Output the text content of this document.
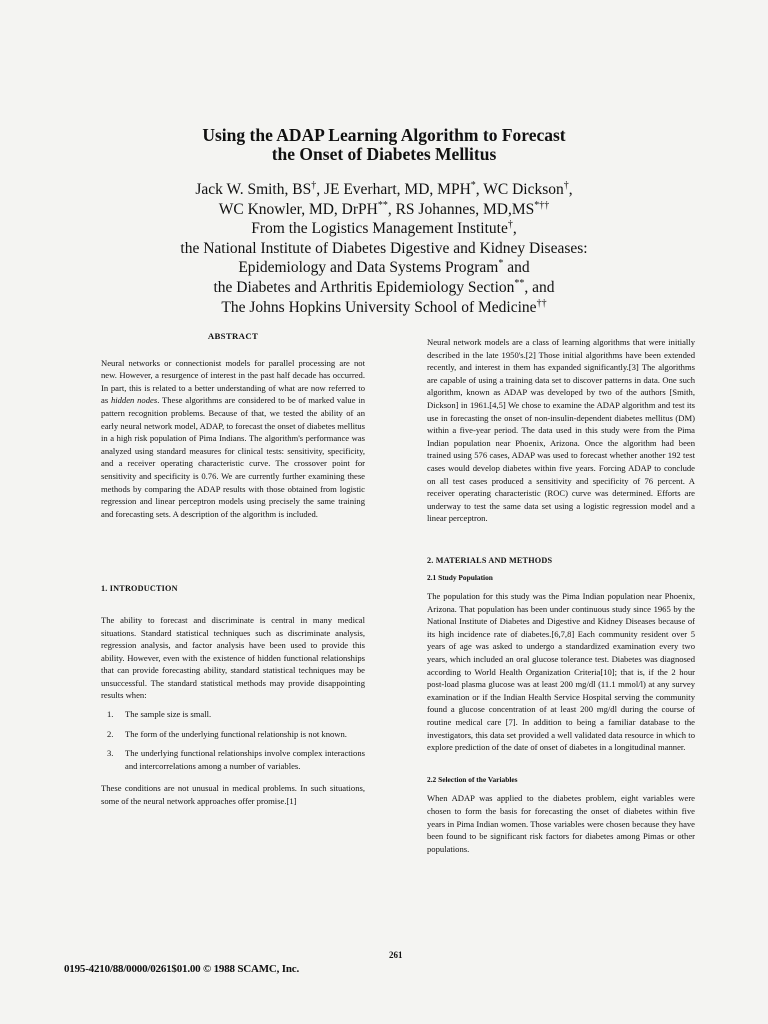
Using the ADAP Learning Algorithm to Forecast
the Onset of Diabetes Mellitus
Jack W. Smith, BS†, JE Everhart, MD, MPH*, WC Dickson†,
WC Knowler, MD, DrPH**, RS Johannes, MD,MS*††
From the Logistics Management Institute†,
the National Institute of Diabetes Digestive and Kidney Diseases:
Epidemiology and Data Systems Program* and
the Diabetes and Arthritis Epidemiology Section**, and
The Johns Hopkins University School of Medicine††
ABSTRACT

Neural networks or connectionist models for parallel processing are not new. However, a resurgence of interest in the past half decade has occurred. In part, this is related to a better understanding of what are now referred to as hidden nodes. These algorithms are considered to be of marked value in pattern recognition problems. Because of that, we tested the ability of an early neural network model, ADAP, to forecast the onset of diabetes mellitus in a high risk population of Pima Indians. The algorithm's performance was analyzed using standard measures for clinical tests: sensitivity, specificity, and a receiver operating characteristic curve. The crossover point for sensitivity and specificity is 0.76. We are currently further examining these methods by comparing the ADAP results with those obtained from logistic regression and linear perceptron models using precisely the same training and forecasting sets. A description of the algorithm is included.

1. INTRODUCTION

The ability to forecast and discriminate is central in many medical situations. Standard statistical techniques such as discriminate analysis, regression analysis, and factor analysis have been used to provide this ability. However, even with the existence of hidden functional relationships that can provide forecasting ability, standard statistical techniques may be unsuccessful. The standard statistical methods may provide disappointing results when:

1. The sample size is small.
2. The form of the underlying functional relationship is not known.
3. The underlying functional relationships involve complex interactions and intercorrelations among a number of variables.

These conditions are not unusual in medical problems. In such situations, some of the neural network approaches offer promise.[1]

Neural network models are a class of learning algorithms that were initially described in the late 1950's.[2] Those initial algorithms have been extended recently, and interest in them has expanded significantly.[3] The algorithms are capable of using a training data set to discover patterns in data. One such algorithm, known as ADAP was developed by two of the authors [Smith, Dickson] in 1961.[4,5] We chose to examine the ADAP algorithm and test its use in forecasting the onset of non-insulin-dependent diabetes mellitus (DM) within a five-year period. The data used in this study were from the Pima Indian population near Phoenix, Arizona. Once the algorithm had been trained using 576 cases, ADAP was used to forecast whether another 192 test cases would develop diabetes within five years. Forcing ADAP to conclude on all test cases produced a sensitivity and specificity of 76 percent. A receiver operating characteristic (ROC) curve was determined. Efforts are underway to test the same data set using a logistic regression model and a linear perceptron.

2. MATERIALS AND METHODS
2.1 Study Population

The population for this study was the Pima Indian population near Phoenix, Arizona. That population has been under continuous study since 1965 by the National Institute of Diabetes and Digestive and Kidney Diseases because of its high incidence rate of diabetes.[6,7,8] Each community resident over 5 years of age was asked to undergo a standardized examination every two years, which included an oral glucose tolerance test. Diabetes was diagnosed according to World Health Organization Criteria[10]; that is, if the 2 hour post-load plasma glucose was at least 200 mg/dl (11.1 mmol/l) at any survey examination or if the Indian Health Service Hospital serving the community found a glucose concentration of at least 200 mg/dl during the course of routine medical care [7]. In addition to being a familiar database to the investigators, this data set provided a well validated data resource in which to explore prediction of the date of onset of diabetes in a longitudinal manner.

2.2 Selection of the Variables

When ADAP was applied to the diabetes problem, eight variables were chosen to form the basis for forecasting the onset of diabetes within five years in Pima Indian women. Those variables were chosen because they have been found to be significant risk factors for diabetes among Pimas or other populations.

261
0195-4210/88/0000/0261$01.00 © 1988 SCAMC, Inc.
